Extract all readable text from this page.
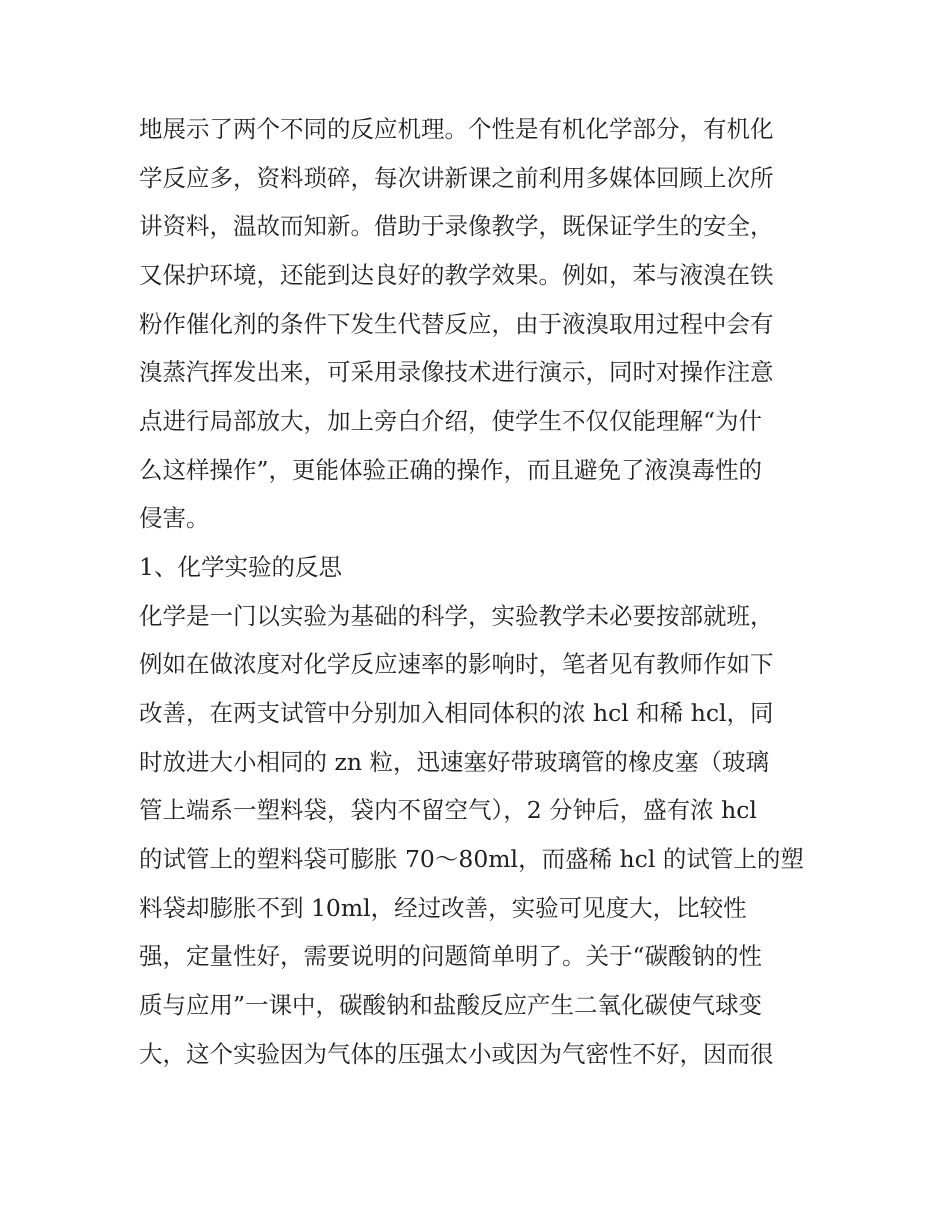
地展示了两个不同的反应机理。个性是有机化学部分，有机化
学反应多，资料琐碎，每次讲新课之前利用多媒体回顾上次所
讲资料，温故而知新。借助于录像教学，既保证学生的安全，
又保护环境，还能到达良好的教学效果。例如，苯与液溴在铁
粉作催化剂的条件下发生代替反应，由于液溴取用过程中会有
溴蒸汽挥发出来，可采用录像技术进行演示，同时对操作注意
点进行局部放大，加上旁白介绍，使学生不仅仅能理解“为什
么这样操作”，更能体验正确的操作，而且避免了液溴毒性的
侵害。
1、化学实验的反思
化学是一门以实验为基础的科学，实验教学未必要按部就班，
例如在做浓度对化学反应速率的影响时，笔者见有教师作如下
改善，在两支试管中分别加入相同体积的浓 hcl 和稀 hcl，同
时放进大小相同的 zn 粒，迅速塞好带玻璃管的橡皮塞（玻璃
管上端系一塑料袋，袋内不留空气），2 分钟后，盛有浓 hcl
的试管上的塑料袋可膨胀 70～80ml，而盛稀 hcl 的试管上的塑
料袋却膨胀不到 10ml，经过改善，实验可见度大，比较性
强，定量性好，需要说明的问题简单明了。关于“碳酸钠的性
质与应用”一课中，碳酸钠和盐酸反应产生二氧化碳使气球变
大，这个实验因为气体的压强太小或因为气密性不好，因而很
